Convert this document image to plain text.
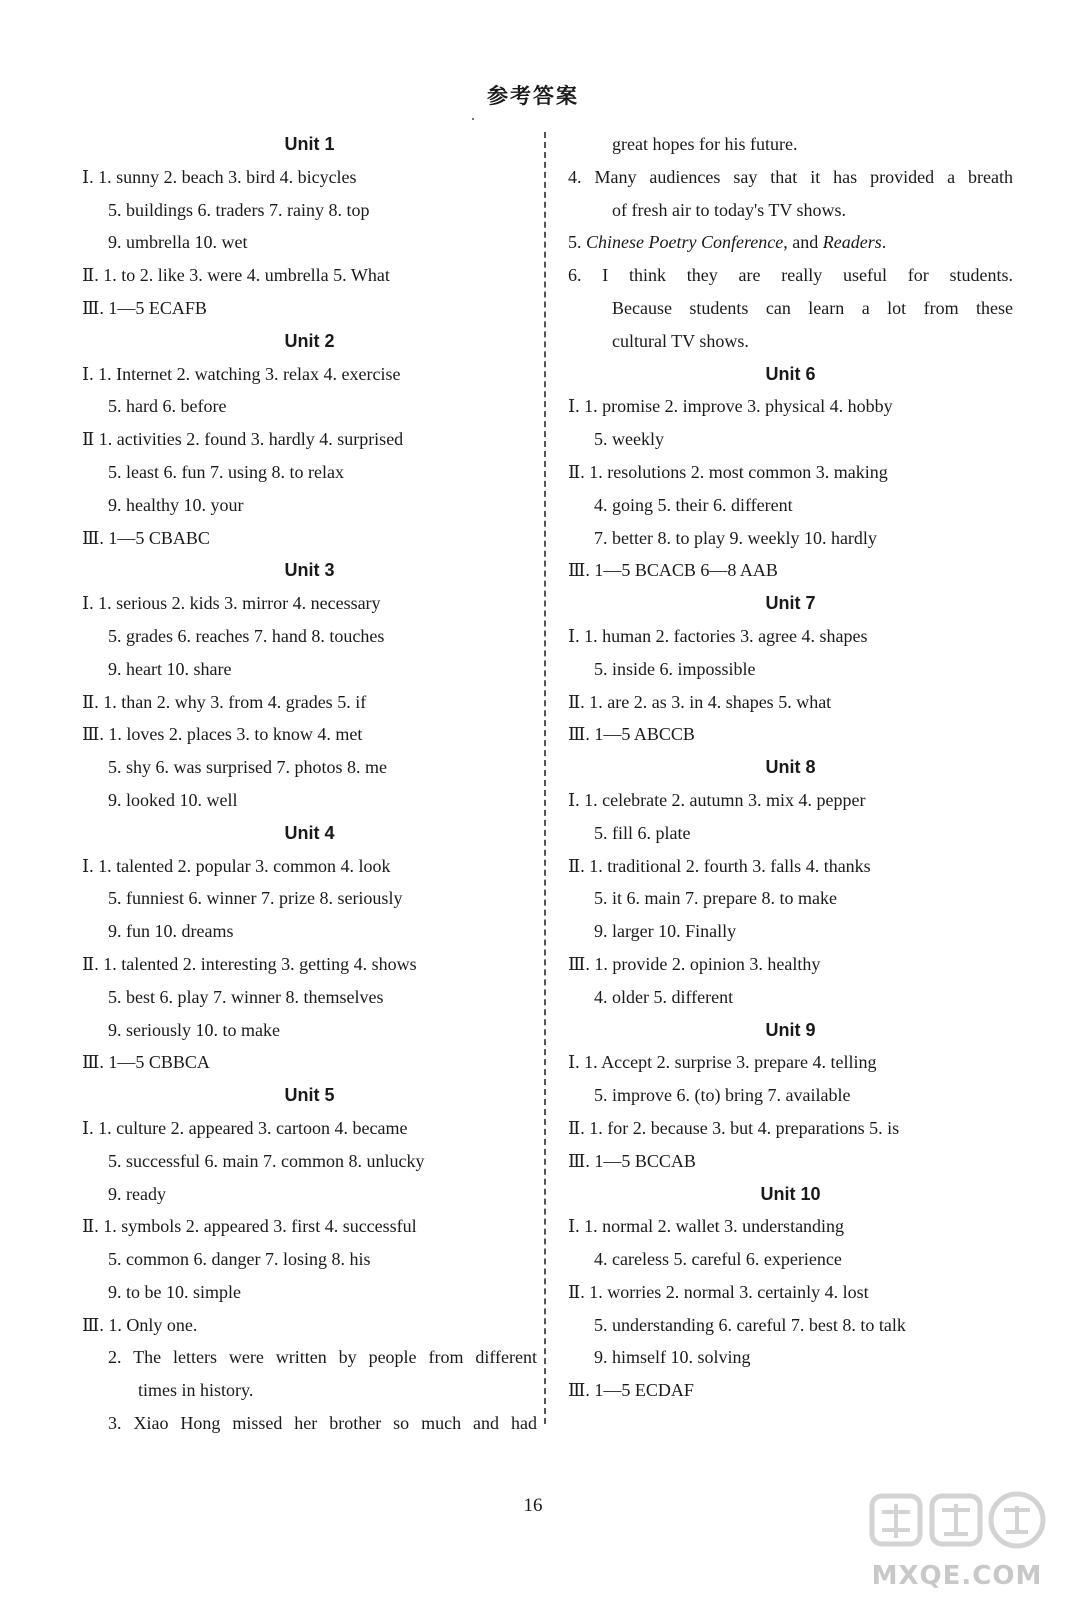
参考答案
Unit 1
Ⅰ. 1. sunny 2. beach 3. bird 4. bicycles
5. buildings 6. traders 7. rainy 8. top
9. umbrella 10. wet
Ⅱ. 1. to 2. like 3. were 4. umbrella 5. What
Ⅲ. 1—5 ECAFB
Unit 2
Ⅰ. 1. Internet 2. watching 3. relax 4. exercise
5. hard 6. before
Ⅱ 1. activities 2. found 3. hardly 4. surprised
5. least 6. fun 7. using 8. to relax
9. healthy 10. your
Ⅲ. 1—5 CBABC
Unit 3
Ⅰ. 1. serious 2. kids 3. mirror 4. necessary
5. grades 6. reaches 7. hand 8. touches
9. heart 10. share
Ⅱ. 1. than 2. why 3. from 4. grades 5. if
Ⅲ. 1. loves 2. places 3. to know 4. met
5. shy 6. was surprised 7. photos 8. me
9. looked 10. well
Unit 4
Ⅰ. 1. talented 2. popular 3. common 4. look
5. funniest 6. winner 7. prize 8. seriously
9. fun 10. dreams
Ⅱ. 1. talented 2. interesting 3. getting 4. shows
5. best 6. play 7. winner 8. themselves
9. seriously 10. to make
Ⅲ. 1—5 CBBCA
Unit 5
Ⅰ. 1. culture 2. appeared 3. cartoon 4. became
5. successful 6. main 7. common 8. unlucky
9. ready
Ⅱ. 1. symbols 2. appeared 3. first 4. successful
5. common 6. danger 7. losing 8. his
9. to be 10. simple
Ⅲ. 1. Only one.
2. The letters were written by people from different
times in history.
3. Xiao Hong missed her brother so much and had
great hopes for his future.
4. Many audiences say that it has provided a breath
of fresh air to today's TV shows.
5. Chinese Poetry Conference, and Readers.
6. I think they are really useful for students.
Because students can learn a lot from these
cultural TV shows.
Unit 6
Ⅰ. 1. promise 2. improve 3. physical 4. hobby
5. weekly
Ⅱ. 1. resolutions 2. most common 3. making
4. going 5. their 6. different
7. better 8. to play 9. weekly 10. hardly
Ⅲ. 1—5 BCACB 6—8 AAB
Unit 7
Ⅰ. 1. human 2. factories 3. agree 4. shapes
5. inside 6. impossible
Ⅱ. 1. are 2. as 3. in 4. shapes 5. what
Ⅲ. 1—5 ABCCB
Unit 8
Ⅰ. 1. celebrate 2. autumn 3. mix 4. pepper
5. fill 6. plate
Ⅱ. 1. traditional 2. fourth 3. falls 4. thanks
5. it 6. main 7. prepare 8. to make
9. larger 10. Finally
Ⅲ. 1. provide 2. opinion 3. healthy
4. older 5. different
Unit 9
Ⅰ. 1. Accept 2. surprise 3. prepare 4. telling
5. improve 6. (to) bring 7. available
Ⅱ. 1. for 2. because 3. but 4. preparations 5. is
Ⅲ. 1—5 BCCAB
Unit 10
Ⅰ. 1. normal 2. wallet 3. understanding
4. careless 5. careful 6. experience
Ⅱ. 1. worries 2. normal 3. certainly 4. lost
5. understanding 6. careful 7. best 8. to talk
9. himself 10. solving
Ⅲ. 1—5 ECDAF
16
MXQE.COM
